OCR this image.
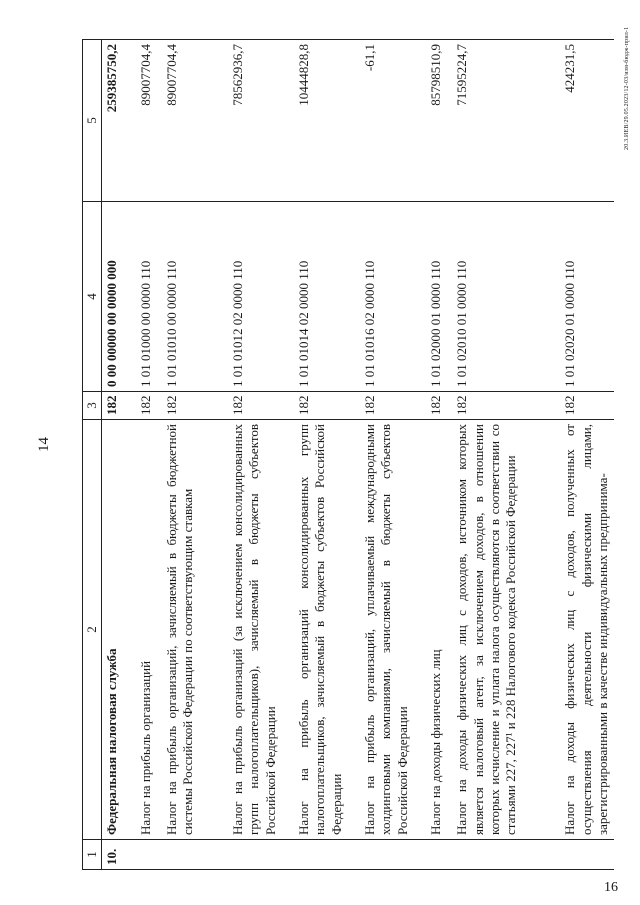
14
20.3.ИЕВ/29.05.2023/12-03/изм-бюдж-прил-1
16
1	2	3	4	5
10.	Федеральная налоговая служба	182	0 00 00000 00 0000 000	259385750,2
	Налог на прибыль организаций	182	1 01 01000 00 0000 110	89007704,4
	Налог на прибыль организаций, зачисляемый в бюджеты бюджетной системы Российской Федерации по соответствующим ставкам	182	1 01 01010 00 0000 110	89007704,4
	Налог на прибыль организаций (за исключением консолидированных групп налогоплательщиков), зачисляемый в бюджеты субъектов Российской Федерации	182	1 01 01012 02 0000 110	78562936,7
	Налог на прибыль организаций консолидированных групп налогоплательщиков, зачисляемый в бюджеты субъектов Российской Федерации	182	1 01 01014 02 0000 110	10444828,8
	Налог на прибыль организаций, уплачиваемый международными холдинговыми компаниями, зачисляемый в бюджеты субъектов Российской Федерации	182	1 01 01016 02 0000 110	-61,1
	Налог на доходы физических лиц	182	1 01 02000 01 0000 110	85798510,9
	Налог на доходы физических лиц с доходов, источником которых является налоговый агент, за исключением доходов, в отношении которых исчисление и уплата налога осуществляются в соответствии со статьями 227, 227¹ и 228 Налогового кодекса Российской Федерации	182	1 01 02010 01 0000 110	71595224,7
	Налог на доходы физических лиц с доходов, полученных от осуществления деятельности физическими лицами, зарегистрированными в качестве индивидуальных предпринима-	182	1 01 02020 01 0000 110	424231,5
